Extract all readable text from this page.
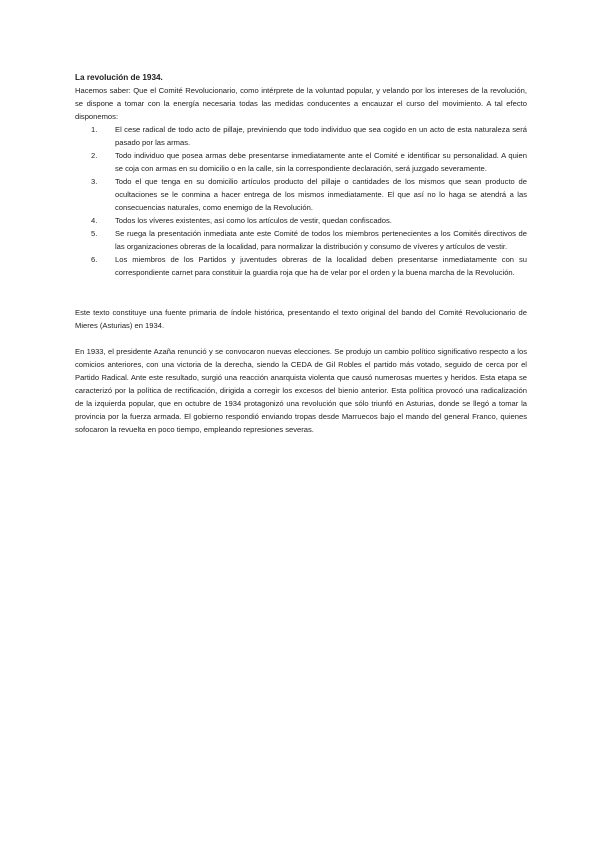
La revolución de 1934.

Hacemos saber: Que el Comité Revolucionario, como intérprete de la voluntad popular, y velando por los intereses de la revolución, se dispone a tomar con la energía necesaria todas las medidas conducentes a encauzar el curso del movimiento. A tal efecto disponemos:

1. El cese radical de todo acto de pillaje, previniendo que todo individuo que sea cogido en un acto de esta naturaleza será pasado por las armas.
2. Todo individuo que posea armas debe presentarse inmediatamente ante el Comité e identificar su personalidad. A quien se coja con armas en su domicilio o en la calle, sin la correspondiente declaración, será juzgado severamente.
3. Todo el que tenga en su domicilio artículos producto del pillaje o cantidades de los mismos que sean producto de ocultaciones se le conmina a hacer entrega de los mismos inmediatamente. El que así no lo haga se atendrá a las consecuencias naturales, como enemigo de la Revolución.
4. Todos los víveres existentes, así como los artículos de vestir, quedan confiscados.
5. Se ruega la presentación inmediata ante este Comité de todos los miembros pertenecientes a los Comités directivos de las organizaciones obreras de la localidad, para normalizar la distribución y consumo de víveres y artículos de vestir.
6. Los miembros de los Partidos y juventudes obreras de la localidad deben presentarse inmediatamente con su correspondiente carnet para constituir la guardia roja que ha de velar por el orden y la buena marcha de la Revolución.

Este texto constituye una fuente primaria de índole histórica, presentando el texto original del bando del Comité Revolucionario de Mieres (Asturias) en 1934.

En 1933, el presidente Azaña renunció y se convocaron nuevas elecciones. Se produjo un cambio político significativo respecto a los comicios anteriores, con una victoria de la derecha, siendo la CEDA de Gil Robles el partido más votado, seguido de cerca por el Partido Radical. Ante este resultado, surgió una reacción anarquista violenta que causó numerosas muertes y heridos. Esta etapa se caracterizó por la política de rectificación, dirigida a corregir los excesos del bienio anterior. Esta política provocó una radicalización de la izquierda popular, que en octubre de 1934 protagonizó una revolución que sólo triunfó en Asturias, donde se llegó a tomar la provincia por la fuerza armada. El gobierno respondió enviando tropas desde Marruecos bajo el mando del general Franco, quienes sofocaron la revuelta en poco tiempo, empleando represiones severas.
